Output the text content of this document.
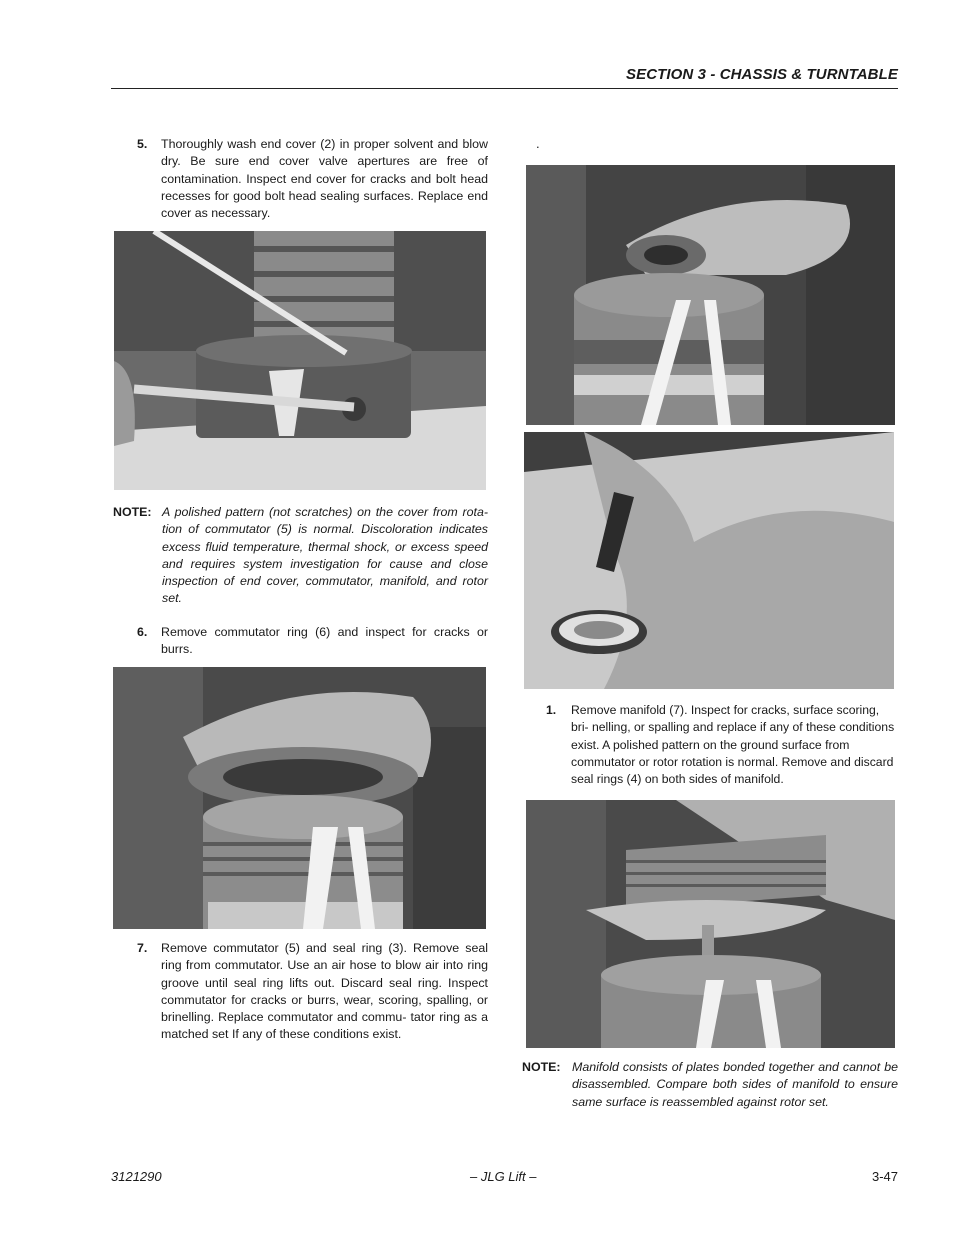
SECTION 3 - CHASSIS & TURNTABLE
5. Thoroughly wash end cover (2) in proper solvent and blow dry. Be sure end cover valve apertures are free of contamination. Inspect end cover for cracks and bolt head recesses for good bolt head sealing surfaces. Replace end cover as necessary.
NOTE: A polished pattern (not scratches) on the cover from rota- tion of commutator (5) is normal. Discoloration indicates excess fluid temperature, thermal shock, or excess speed and requires system investigation for cause and close inspection of end cover, commutator, manifold, and rotor set.
6. Remove commutator ring (6) and inspect for cracks or burrs.
7. Remove commutator (5) and seal ring (3). Remove seal ring from commutator. Use an air hose to blow air into ring groove until seal ring lifts out. Discard seal ring. Inspect commutator for cracks or burrs, wear, scoring, spalling, or brinelling. Replace commutator and commu- tator ring as a matched set If any of these conditions exist.
.
1. Remove manifold (7). Inspect for cracks, surface scoring, bri- nelling, or spalling and replace if any of these conditions exist. A polished pattern on the ground surface from commutator or rotor rotation is normal. Remove and discard seal rings (4) on both sides of manifold.
NOTE: Manifold consists of plates bonded together and cannot be disassembled. Compare both sides of manifold to ensure same surface is reassembled against rotor set.
3121290	– JLG Lift –	3-47
